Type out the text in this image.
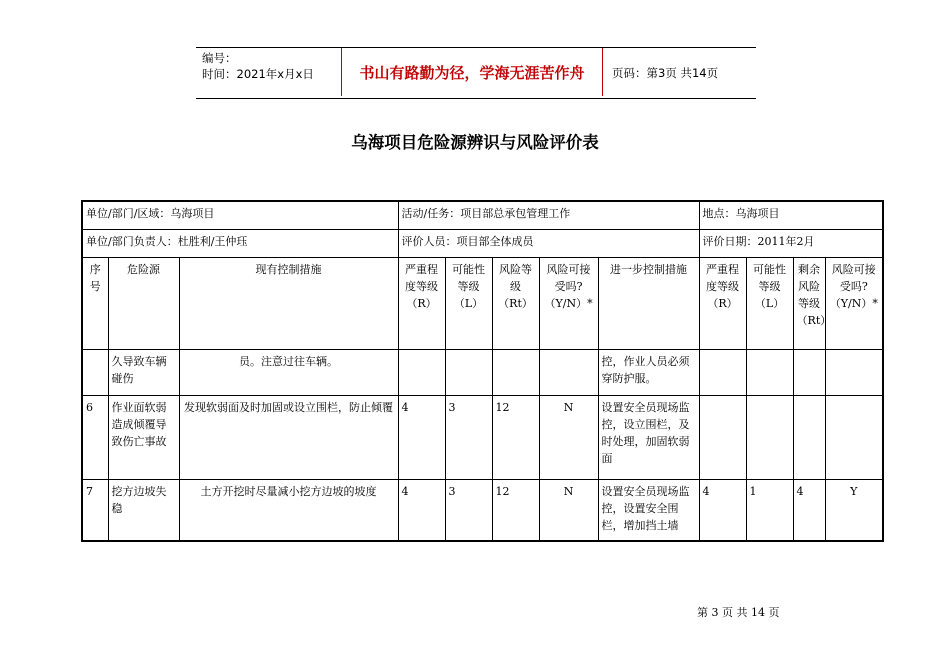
编号：
时间：2021年x月x日	书山有路勤为径，学海无涯苦作舟	页码：第3页 共14页
乌海项目危险源辨识与风险评价表
单位/部门/区域：乌海项目			活动/任务：项目部总承包管理工作					地点：乌海项目			
单位/部门负责人：杜胜利/王仲珏			评价人员：项目部全体成员					评价日期：2011年2月			
序号	危险源	现有控制措施	严重程度等级（R）	可能性等级（L）	风险等级（Rt）	风险可接受吗?（Y/N）*	进一步控制措施	严重程度等级（R）	可能性等级（L）	剩余风险等级（Rt）	风险可接受吗?（Y/N）*
	久导致车辆碰伤	员。注意过往车辆。					控，作业人员必须穿防护服。				
6	作业面软弱造成倾覆导致伤亡事故	发现软弱面及时加固或设立围栏，防止倾覆	4	3	12	N	设置安全员现场监控，设立围栏，及时处理，加固软弱面				
7	挖方边坡失稳	土方开挖时尽量减小挖方边坡的坡度	4	3	12	N	设置安全员现场监控，设置安全围栏，增加挡土墙	4	1	4	Y
第 3 页 共 14 页
